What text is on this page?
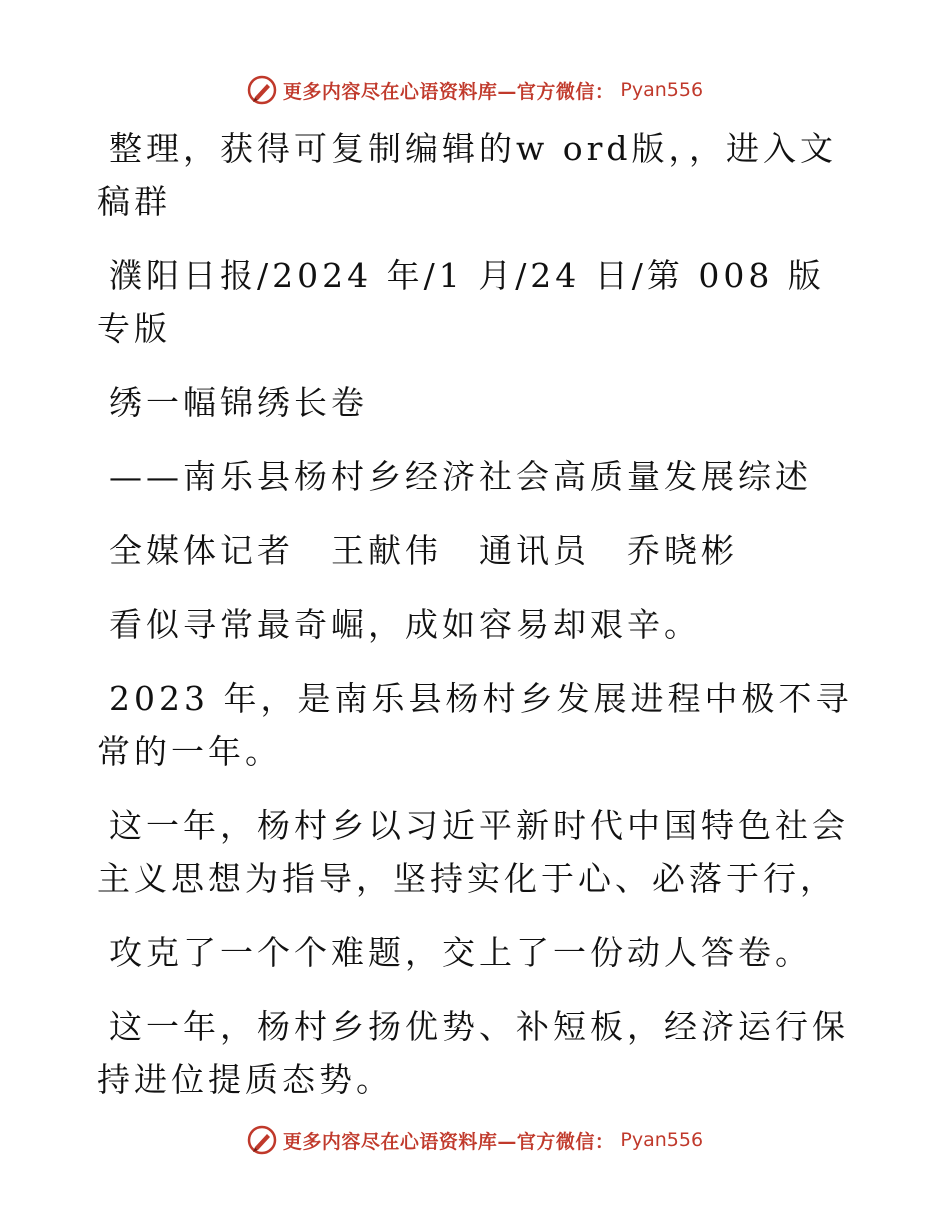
更多内容尽在心语资料库—官方微信： Pyan556

整理，获得可复制编辑的w ord版，，进入文稿群

濮阳日报/2024 年/1 月/24 日/第 008 版专版

绣一幅锦绣长卷

——南乐县杨村乡经济社会高质量发展综述

全媒体记者　王献伟　通讯员　乔晓彬

看似寻常最奇崛，成如容易却艰辛。

2023 年，是南乐县杨村乡发展进程中极不寻常的一年。

这一年，杨村乡以习近平新时代中国特色社会主义思想为指导，坚持实化于心、必落于行，

攻克了一个个难题，交上了一份动人答卷。

这一年，杨村乡扬优势、补短板，经济运行保持进位提质态势。

更多内容尽在心语资料库—官方微信： Pyan556
